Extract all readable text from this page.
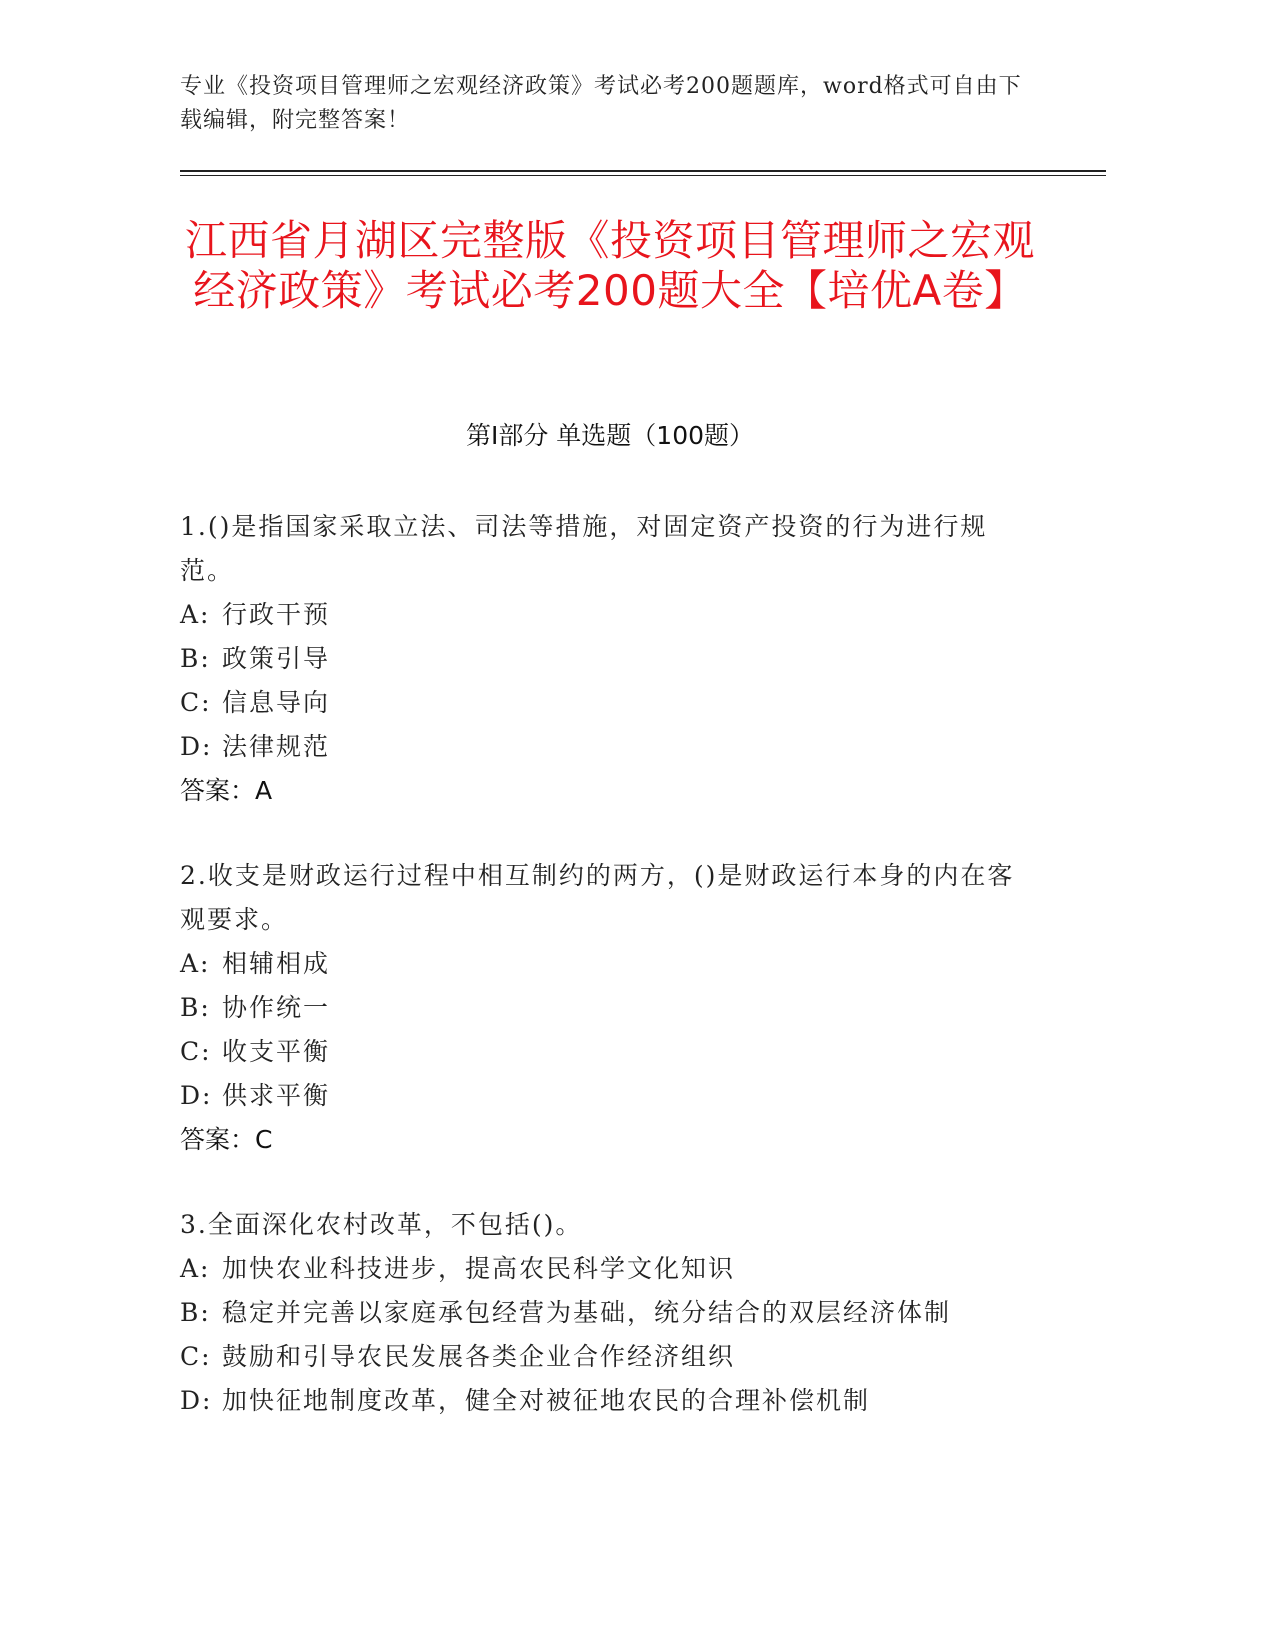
专业《投资项目管理师之宏观经济政策》考试必考200题题库，word格式可自由下载编辑，附完整答案！
江西省月湖区完整版《投资项目管理师之宏观经济政策》考试必考200题大全【培优A卷】
第I部分 单选题（100题）
1.()是指国家采取立法、司法等措施，对固定资产投资的行为进行规范。
A: 行政干预
B: 政策引导
C: 信息导向
D: 法律规范
答案：A
2.收支是财政运行过程中相互制约的两方，()是财政运行本身的内在客观要求。
A: 相辅相成
B: 协作统一
C: 收支平衡
D: 供求平衡
答案：C
3.全面深化农村改革，不包括()。
A: 加快农业科技进步，提高农民科学文化知识
B: 稳定并完善以家庭承包经营为基础，统分结合的双层经济体制
C: 鼓励和引导农民发展各类企业合作经济组织
D: 加快征地制度改革，健全对被征地农民的合理补偿机制
